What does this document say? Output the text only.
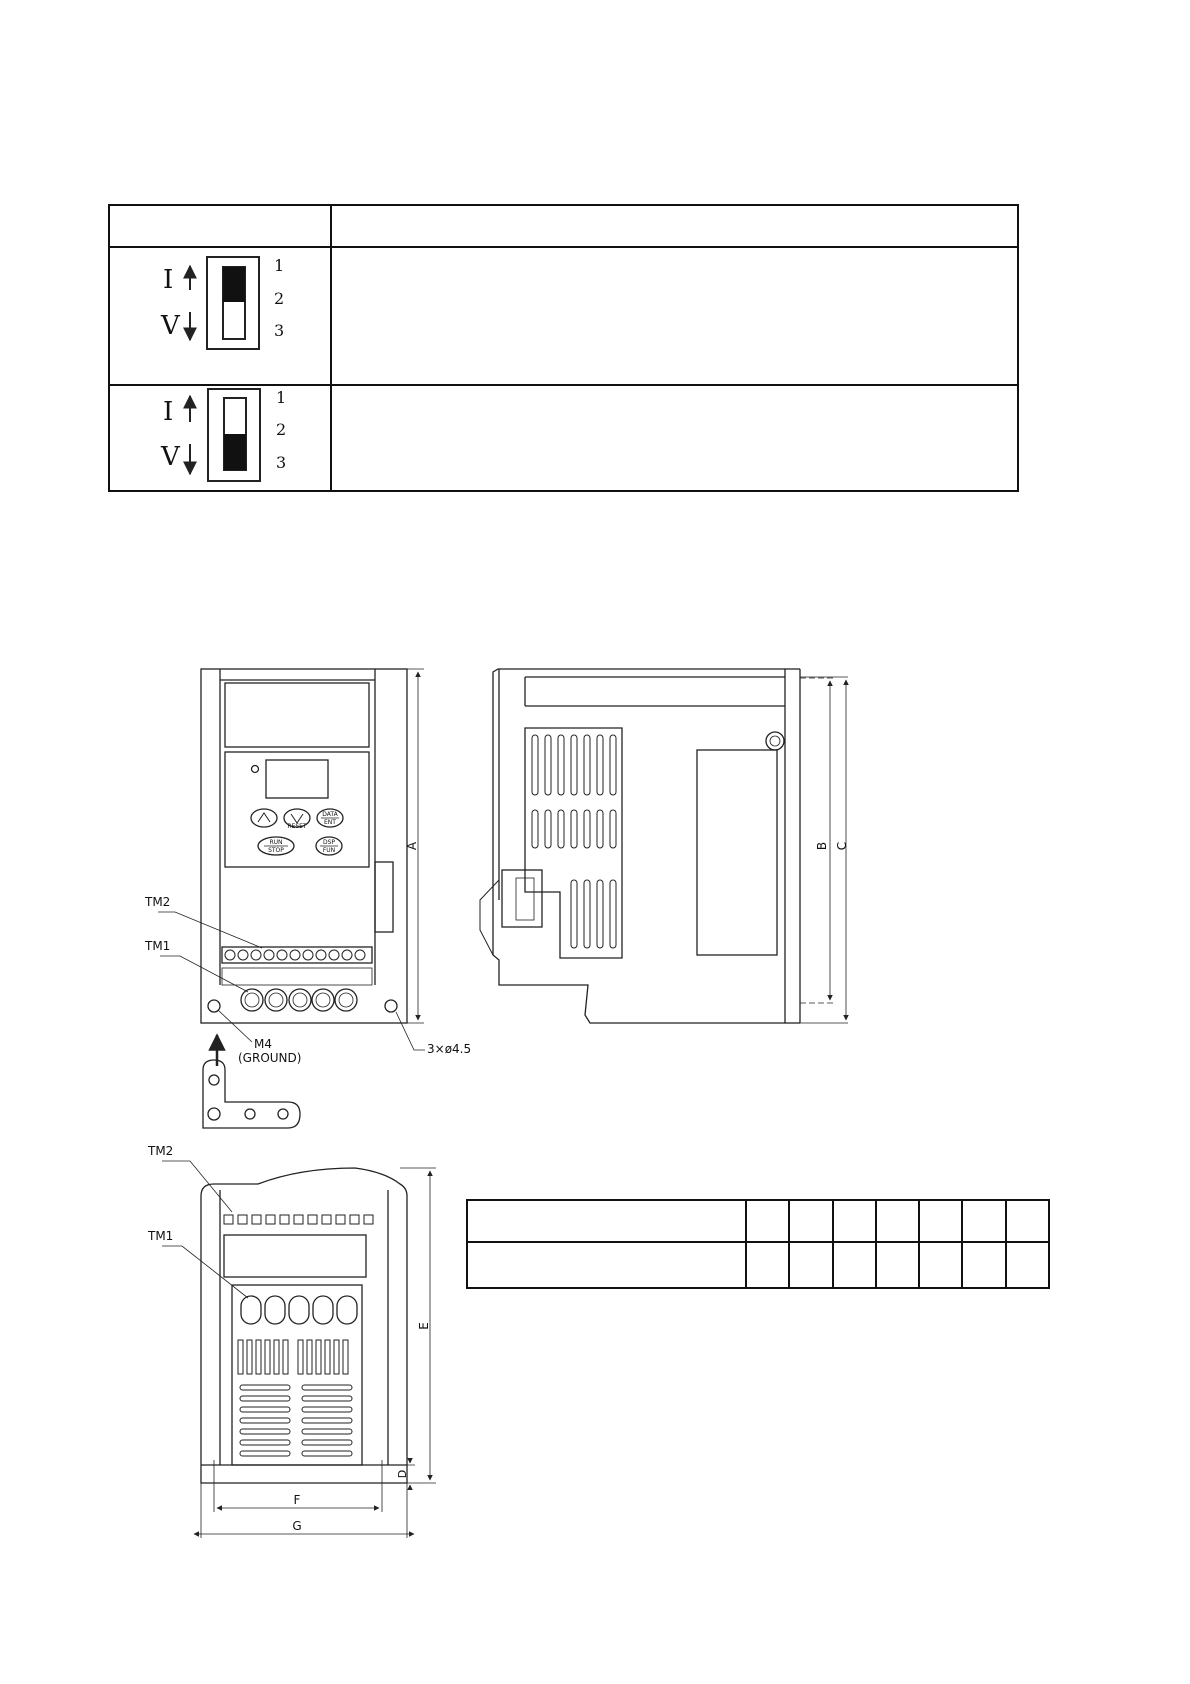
I
V
1
2
3
I
V
1
2
3
RESET
DATA
ENT
RUN
STOP
DSP
FUN
A
TM2
TM1
3×ø4.5
M4
(GROUND)
B C
E
D
F
G
TM2
TM1
